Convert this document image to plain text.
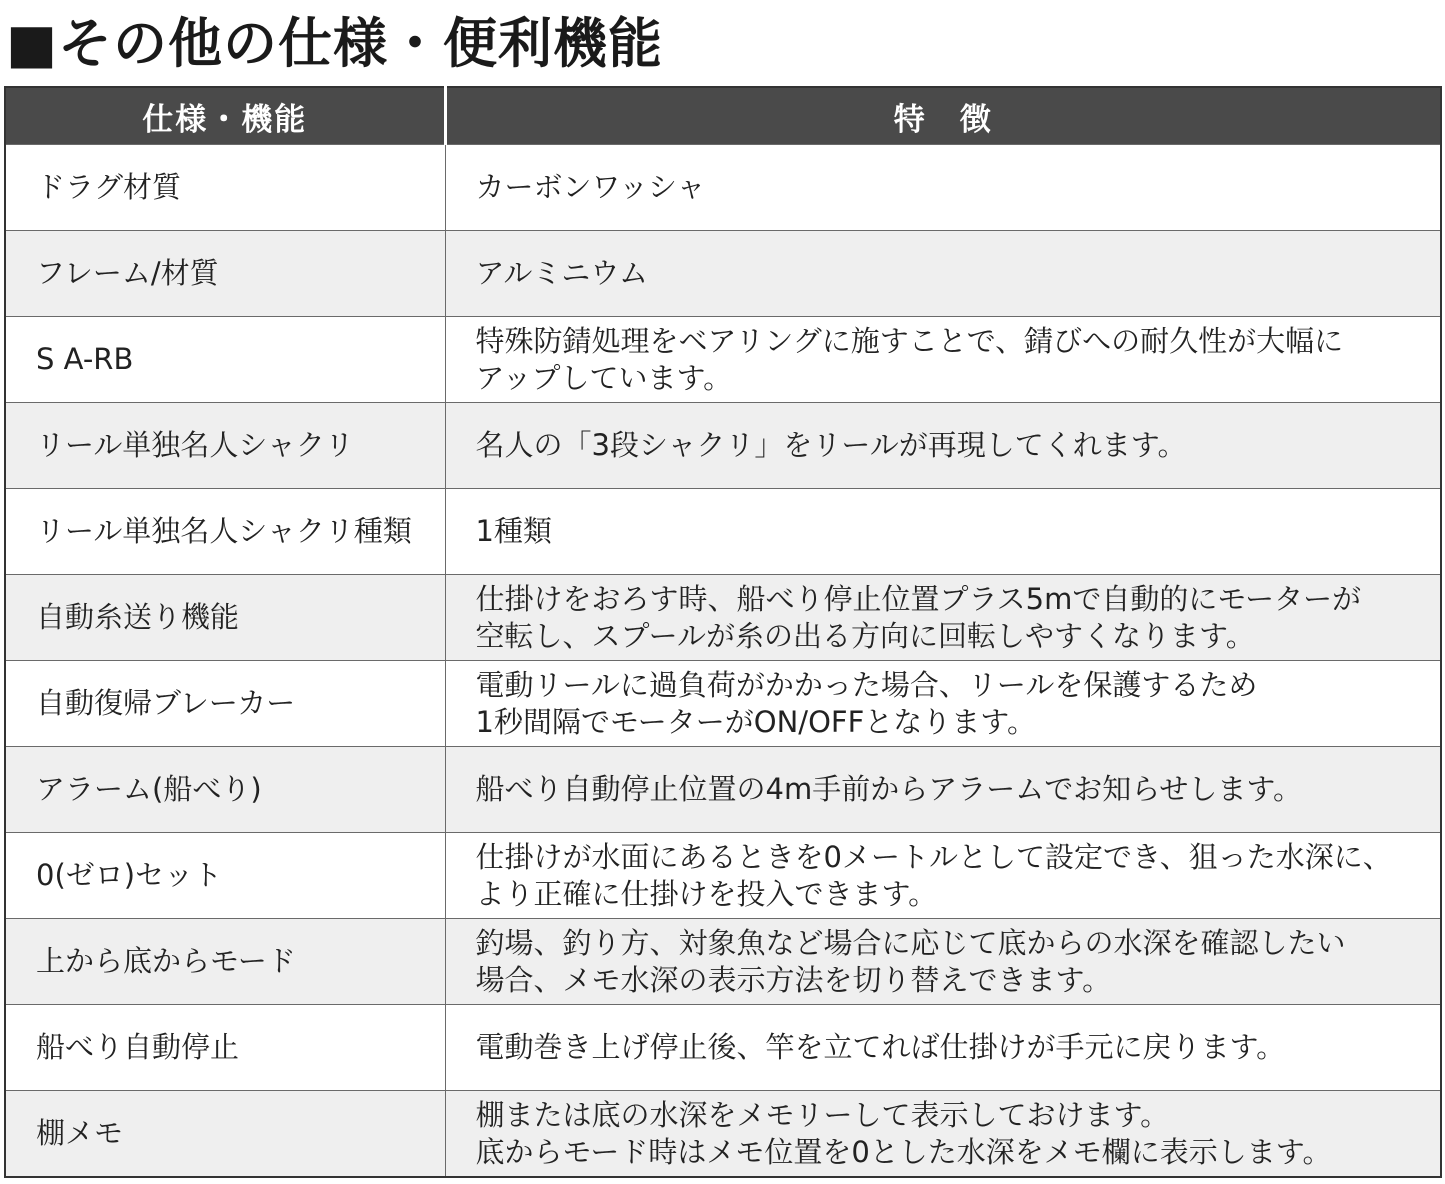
■その他の仕様・便利機能
仕様・機能	特　徴

ドラグ材質	カーボンワッシャ

フレーム/材質	アルミニウム

S A-RB	特殊防錆処理をベアリングに施すことで、錆びへの耐久性が大幅に
アップしています。

リール単独名人シャクリ	名人の「3段シャクリ」をリールが再現してくれます。

リール単独名人シャクリ種類	1種類

自動糸送り機能	仕掛けをおろす時、船べり停止位置プラス5mで自動的にモーターが
空転し、スプールが糸の出る方向に回転しやすくなります。

自動復帰ブレーカー	電動リールに過負荷がかかった場合、リールを保護するため
1秒間隔でモーターがON/OFFとなります。

アラーム(船べり)	船べり自動停止位置の4m手前からアラームでお知らせします。

0(ゼロ)セット	仕掛けが水面にあるときを0メートルとして設定でき、狙った水深に、
より正確に仕掛けを投入できます。

上から底からモード	釣場、釣り方、対象魚など場合に応じて底からの水深を確認したい
場合、メモ水深の表示方法を切り替えできます。

船べり自動停止	電動巻き上げ停止後、竿を立てれば仕掛けが手元に戻ります。

棚メモ	棚または底の水深をメモリーして表示しておけます。
底からモード時はメモ位置を0とした水深をメモ欄に表示します。
